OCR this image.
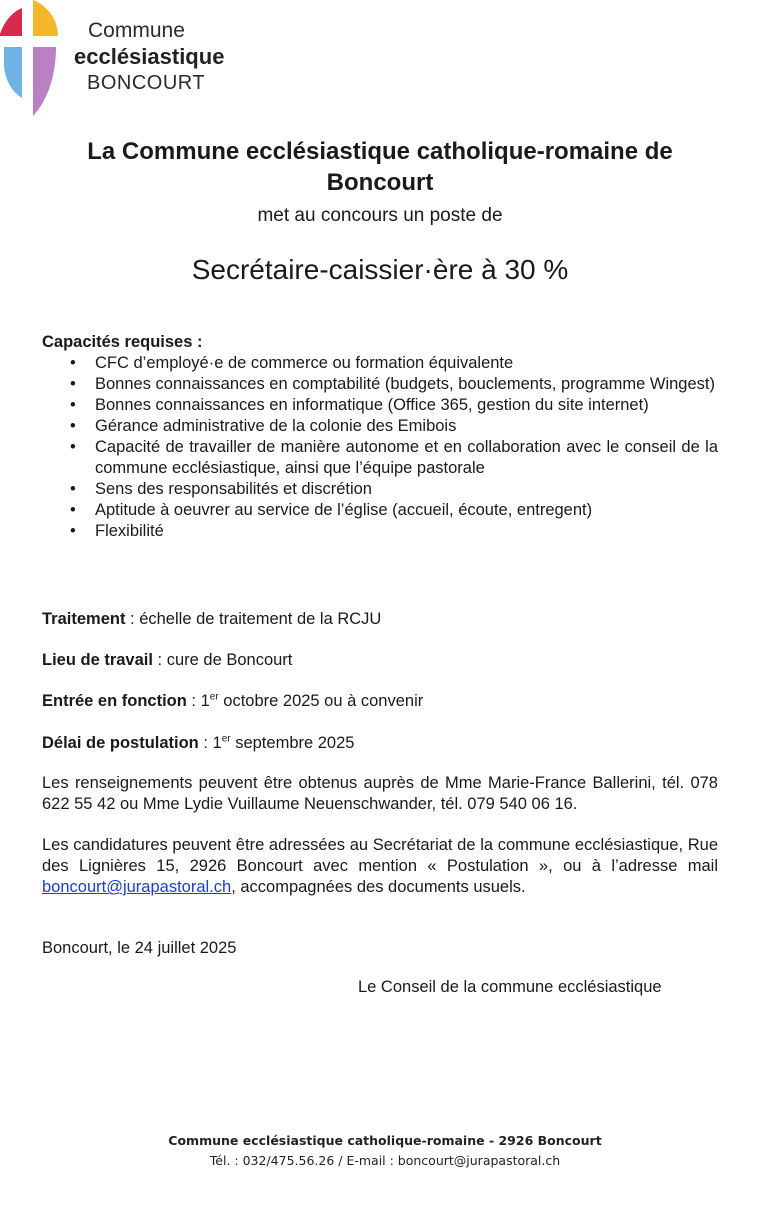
Commune
ecclésiastique
BONCOURT
La Commune ecclésiastique catholique-romaine de Boncourt
met au concours un poste de
Secrétaire-caissier·ère à 30 %
Capacités requises :
• CFC d’employé·e de commerce ou formation équivalente
• Bonnes connaissances en comptabilité (budgets, bouclements, programme Wingest)
• Bonnes connaissances en informatique (Office 365, gestion du site internet)
• Gérance administrative de la colonie des Emibois
• Capacité de travailler de manière autonome et en collaboration avec le conseil de la commune ecclésiastique, ainsi que l’équipe pastorale
• Sens des responsabilités et discrétion
• Aptitude à oeuvrer au service de l’église (accueil, écoute, entregent)
• Flexibilité
Traitement : échelle de traitement de la RCJU
Lieu de travail : cure de Boncourt
Entrée en fonction : 1er octobre 2025 ou à convenir
Délai de postulation : 1er septembre 2025
Les renseignements peuvent être obtenus auprès de Mme Marie-France Ballerini, tél. 078 622 55 42 ou Mme Lydie Vuillaume Neuenschwander, tél. 079 540 06 16.
Les candidatures peuvent être adressées au Secrétariat de la commune ecclésiastique, Rue des Lignières 15, 2926 Boncourt avec mention « Postulation », ou à l’adresse mail boncourt@jurapastoral.ch, accompagnées des documents usuels.
Boncourt, le 24 juillet 2025
Le Conseil de la commune ecclésiastique
Commune ecclésiastique catholique-romaine - 2926 Boncourt
Tél. : 032/475.56.26 / E-mail : boncourt@jurapastoral.ch
